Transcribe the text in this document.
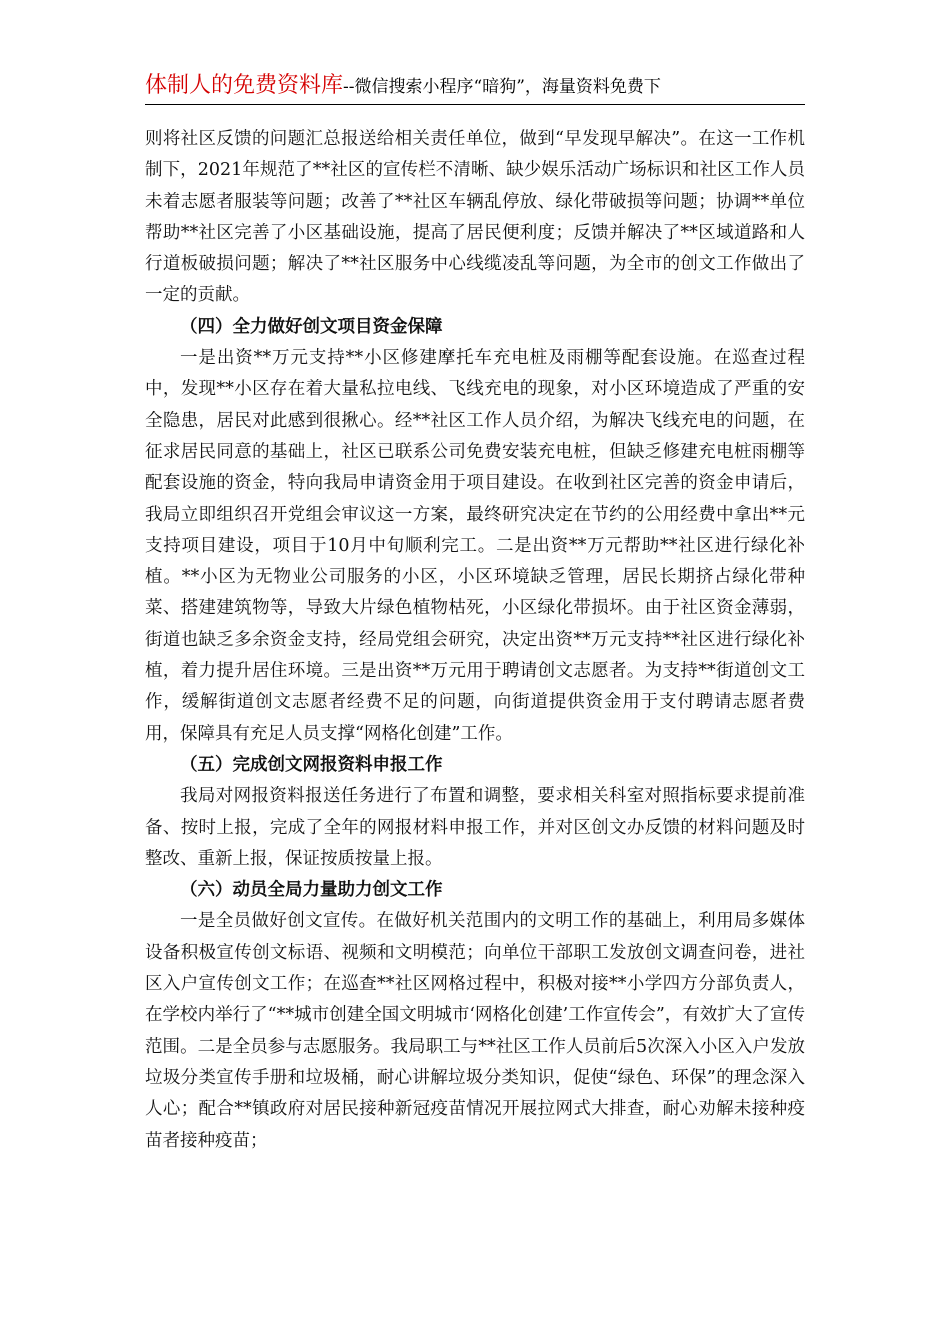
体制人的免费资料库--微信搜索小程序“暗狗”，海量资料免费下

则将社区反馈的问题汇总报送给相关责任单位，做到“早发现早解决”。在这一工作机制下，2021年规范了**社区的宣传栏不清晰、缺少娱乐活动广场标识和社区工作人员未着志愿者服装等问题；改善了**社区车辆乱停放、绿化带破损等问题；协调**单位帮助**社区完善了小区基础设施，提高了居民便利度；反馈并解决了**区域道路和人行道板破损问题；解决了**社区服务中心线缆凌乱等问题，为全市的创文工作做出了一定的贡献。

（四）全力做好创文项目资金保障

一是出资**万元支持**小区修建摩托车充电桩及雨棚等配套设施。在巡查过程中，发现**小区存在着大量私拉电线、飞线充电的现象，对小区环境造成了严重的安全隐患，居民对此感到很揪心。经**社区工作人员介绍，为解决飞线充电的问题，在征求居民同意的基础上，社区已联系公司免费安装充电桩，但缺乏修建充电桩雨棚等配套设施的资金，特向我局申请资金用于项目建设。在收到社区完善的资金申请后，我局立即组织召开党组会审议这一方案，最终研究决定在节约的公用经费中拿出**元支持项目建设，项目于10月中旬顺利完工。二是出资**万元帮助**社区进行绿化补植。**小区为无物业公司服务的小区，小区环境缺乏管理，居民长期挤占绿化带种菜、搭建建筑物等，导致大片绿色植物枯死，小区绿化带损坏。由于社区资金薄弱，街道也缺乏多余资金支持，经局党组会研究，决定出资**万元支持**社区进行绿化补植，着力提升居住环境。三是出资**万元用于聘请创文志愿者。为支持**街道创文工作，缓解街道创文志愿者经费不足的问题，向街道提供资金用于支付聘请志愿者费用，保障具有充足人员支撑“网格化创建”工作。

（五）完成创文网报资料申报工作

我局对网报资料报送任务进行了布置和调整，要求相关科室对照指标要求提前准备、按时上报，完成了全年的网报材料申报工作，并对区创文办反馈的材料问题及时整改、重新上报，保证按质按量上报。

（六）动员全局力量助力创文工作

一是全员做好创文宣传。在做好机关范围内的文明工作的基础上，利用局多媒体设备积极宣传创文标语、视频和文明模范；向单位干部职工发放创文调查问卷，进社区入户宣传创文工作；在巡查**社区网格过程中，积极对接**小学四方分部负责人，在学校内举行了“**城市创建全国文明城市‘网格化创建’工作宣传会”，有效扩大了宣传范围。二是全员参与志愿服务。我局职工与**社区工作人员前后5次深入小区入户发放垃圾分类宣传手册和垃圾桶，耐心讲解垃圾分类知识，促使“绿色、环保”的理念深入人心；配合**镇政府对居民接种新冠疫苗情况开展拉网式大排查，耐心劝解未接种疫苗者接种疫苗；
